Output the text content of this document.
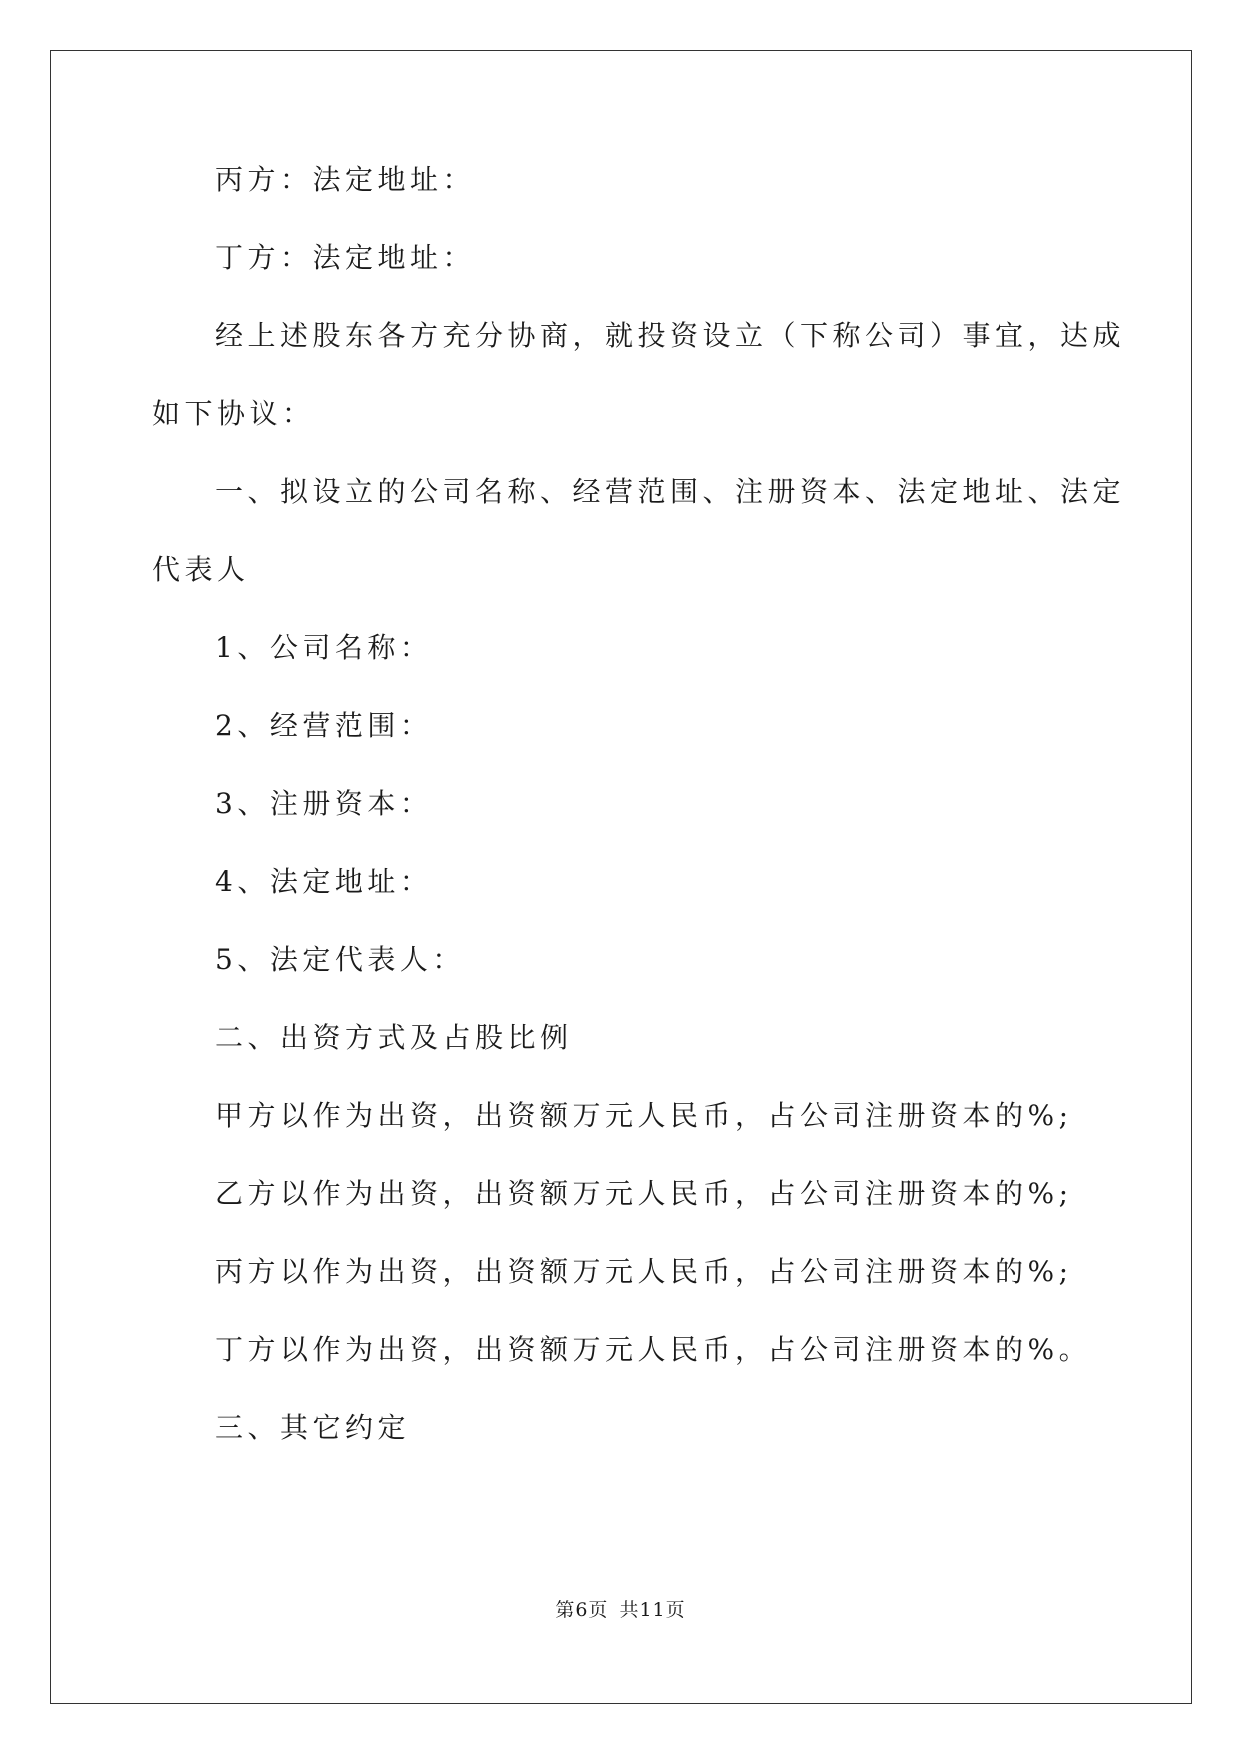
丙方：法定地址：
丁方：法定地址：
经上述股东各方充分协商，就投资设立（下称公司）事宜，达成
如下协议：
一、拟设立的公司名称、经营范围、注册资本、法定地址、法定
代表人
1、公司名称：
2、经营范围：
3、注册资本：
4、法定地址：
5、法定代表人：
二、出资方式及占股比例
甲方以作为出资，出资额万元人民币，占公司注册资本的%;
乙方以作为出资，出资额万元人民币，占公司注册资本的%;
丙方以作为出资，出资额万元人民币，占公司注册资本的%;
丁方以作为出资，出资额万元人民币，占公司注册资本的%。
三、其它约定
第6页 共11页
